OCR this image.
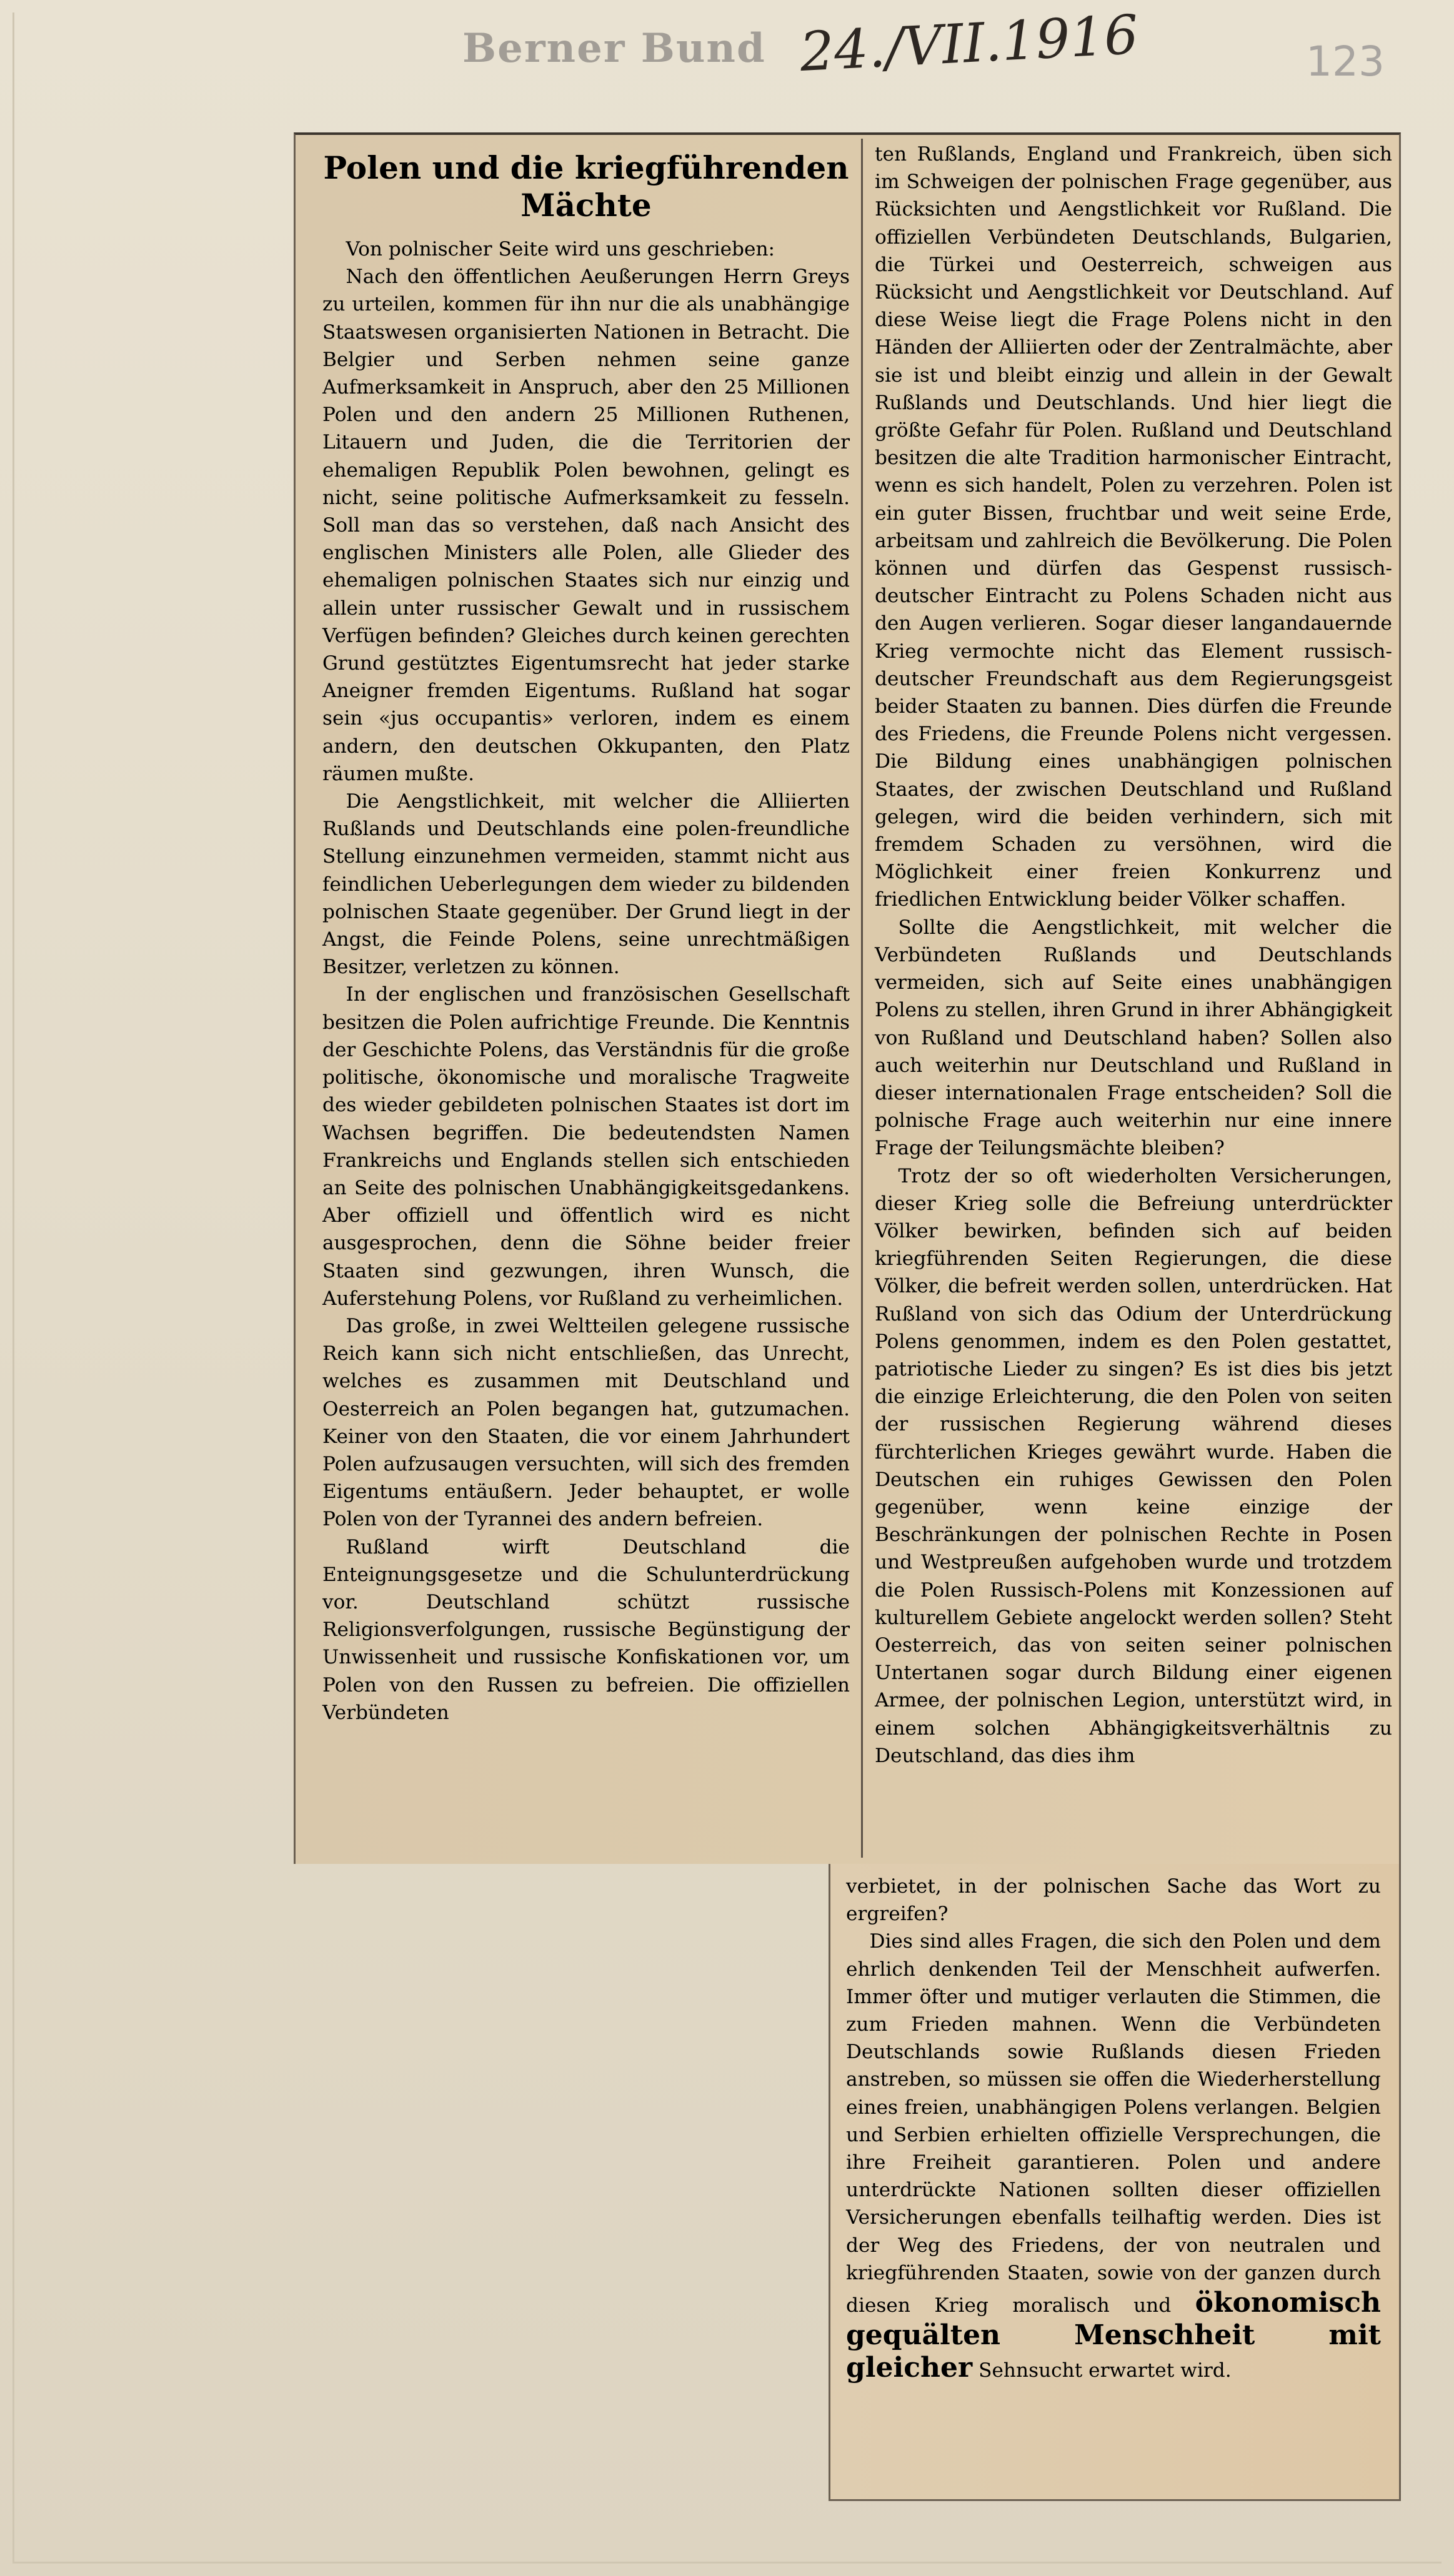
Berner Bund 24./VII.1916	123
Polen und die kriegführenden Mächte

Von polnischer Seite wird uns geschrieben:

Nach den öffentlichen Aeußerungen Herrn Greys zu urteilen, kommen für ihn nur die als unabhängige Staatswesen organisierten Nationen in Betracht. Die Belgier und Serben nehmen seine ganze Aufmerksamkeit in Anspruch, aber den 25 Millionen Polen und den andern 25 Millionen Ruthenen, Litauern und Juden, die die Territorien der ehemaligen Republik Polen bewohnen, gelingt es nicht, seine politische Aufmerksamkeit zu fesseln. Soll man das so verstehen, daß nach Ansicht des englischen Ministers alle Polen, alle Glieder des ehemaligen polnischen Staates sich nur einzig und allein unter russischer Gewalt und in russischem Verfügen befinden? Gleiches durch keinen gerechten Grund gestütztes Eigentumsrecht hat jeder starke Aneigner fremden Eigentums. Rußland hat sogar sein «jus occupantis» verloren, indem es einem andern, den deutschen Okkupanten, den Platz räumen mußte.

Die Aengstlichkeit, mit welcher die Alliierten Rußlands und Deutschlands eine polen-freundliche Stellung einzunehmen vermeiden, stammt nicht aus feindlichen Ueberlegungen dem wieder zu bildenden polnischen Staate gegenüber. Der Grund liegt in der Angst, die Feinde Polens, seine unrechtmäßigen Besitzer, verletzen zu können.

In der englischen und französischen Gesellschaft besitzen die Polen aufrichtige Freunde. Die Kenntnis der Geschichte Polens, das Verständnis für die große politische, ökonomische und moralische Tragweite des wieder gebildeten polnischen Staates ist dort im Wachsen begriffen. Die bedeutendsten Namen Frankreichs und Englands stellen sich entschieden an Seite des polnischen Unabhängigkeitsgedankens. Aber offiziell und öffentlich wird es nicht ausgesprochen, denn die Söhne beider freier Staaten sind gezwungen, ihren Wunsch, die Auferstehung Polens, vor Rußland zu verheimlichen.

Das große, in zwei Weltteilen gelegene russische Reich kann sich nicht entschließen, das Unrecht, welches es zusammen mit Deutschland und Oesterreich an Polen begangen hat, gutzumachen. Keiner von den Staaten, die vor einem Jahrhundert Polen aufzusaugen versuchten, will sich des fremden Eigentums entäußern. Jeder behauptet, er wolle Polen von der Tyrannei des andern befreien.

Rußland wirft Deutschland die Enteignungsgesetze und die Schulunterdrückung vor. Deutschland schützt russische Religionsverfolgungen, russische Begünstigung der Unwissenheit und russische Konfiskationen vor, um Polen von den Russen zu befreien. Die offiziellen Verbündeten

ten Rußlands, England und Frankreich, üben sich im Schweigen der polnischen Frage gegenüber, aus Rücksichten und Aengstlichkeit vor Rußland. Die offiziellen Verbündeten Deutschlands, Bulgarien, die Türkei und Oesterreich, schweigen aus Rücksicht und Aengstlichkeit vor Deutschland. Auf diese Weise liegt die Frage Polens nicht in den Händen der Alliierten oder der Zentralmächte, aber sie ist und bleibt einzig und allein in der Gewalt Rußlands und Deutschlands. Und hier liegt die größte Gefahr für Polen. Rußland und Deutschland besitzen die alte Tradition harmonischer Eintracht, wenn es sich handelt, Polen zu verzehren. Polen ist ein guter Bissen, fruchtbar und weit seine Erde, arbeitsam und zahlreich die Bevölkerung. Die Polen können und dürfen das Gespenst russisch-deutscher Eintracht zu Polens Schaden nicht aus den Augen verlieren. Sogar dieser langandauernde Krieg vermochte nicht das Element russisch-deutscher Freundschaft aus dem Regierungsgeist beider Staaten zu bannen. Dies dürfen die Freunde des Friedens, die Freunde Polens nicht vergessen. Die Bildung eines unabhängigen polnischen Staates, der zwischen Deutschland und Rußland gelegen, wird die beiden verhindern, sich mit fremdem Schaden zu versöhnen, wird die Möglichkeit einer freien Konkurrenz und friedlichen Entwicklung beider Völker schaffen.

Sollte die Aengstlichkeit, mit welcher die Verbündeten Rußlands und Deutschlands vermeiden, sich auf Seite eines unabhängigen Polens zu stellen, ihren Grund in ihrer Abhängigkeit von Rußland und Deutschland haben? Sollen also auch weiterhin nur Deutschland und Rußland in dieser internationalen Frage entscheiden? Soll die polnische Frage auch weiterhin nur eine innere Frage der Teilungsmächte bleiben?

Trotz der so oft wiederholten Versicherungen, dieser Krieg solle die Befreiung unterdrückter Völker bewirken, befinden sich auf beiden kriegführenden Seiten Regierungen, die diese Völker, die befreit werden sollen, unterdrücken. Hat Rußland von sich das Odium der Unterdrückung Polens genommen, indem es den Polen gestattet, patriotische Lieder zu singen? Es ist dies bis jetzt die einzige Erleichterung, die den Polen von seiten der russischen Regierung während dieses fürchterlichen Krieges gewährt wurde. Haben die Deutschen ein ruhiges Gewissen den Polen gegenüber, wenn keine einzige der Beschränkungen der polnischen Rechte in Posen und Westpreußen aufgehoben wurde und trotzdem die Polen Russisch-Polens mit Konzessionen auf kulturellem Gebiete angelockt werden sollen? Steht Oesterreich, das von seiten seiner polnischen Untertanen sogar durch Bildung einer eigenen Armee, der polnischen Legion, unterstützt wird, in einem solchen Abhängigkeitsverhältnis zu Deutschland, das dies ihm

verbietet, in der polnischen Sache das Wort zu ergreifen?

Dies sind alles Fragen, die sich den Polen und dem ehrlich denkenden Teil der Menschheit aufwerfen. Immer öfter und mutiger verlauten die Stimmen, die zum Frieden mahnen. Wenn die Verbündeten Deutschlands sowie Rußlands diesen Frieden anstreben, so müssen sie offen die Wiederherstellung eines freien, unabhängigen Polens verlangen. Belgien und Serbien erhielten offizielle Versprechungen, die ihre Freiheit garantieren. Polen und andere unterdrückte Nationen sollten dieser offiziellen Versicherungen ebenfalls teilhaftig werden. Dies ist der Weg des Friedens, der von neutralen und kriegführenden Staaten, sowie von der ganzen durch diesen Krieg moralisch und ökonomisch gequälten Menschheit mit gleicher Sehnsucht erwartet wird.
